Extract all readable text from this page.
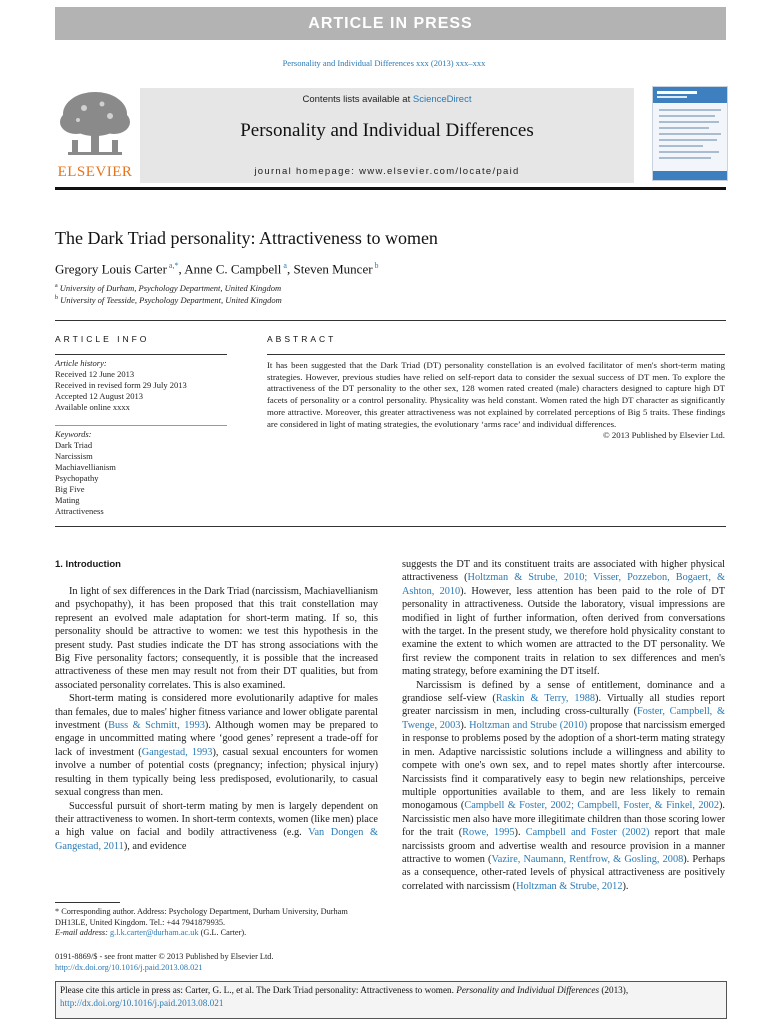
ARTICLE IN PRESS
Personality and Individual Differences xxx (2013) xxx–xxx
ELSEVIER
Contents lists available at ScienceDirect
Personality and Individual Differences
journal homepage: www.elsevier.com/locate/paid
The Dark Triad personality: Attractiveness to women
Gregory Louis Carter $^{a,*}$, Anne C. Campbell $^a$, Steven Muncer $^b$
$^a$ University of Durham, Psychology Department, United Kingdom
$^b$ University of Teesside, Psychology Department, United Kingdom
ARTICLE INFO	ABSTRACT
Article history:
Received 12 June 2013
Received in revised form 29 July 2013
Accepted 12 August 2013
Available online xxxx
Keywords:
Dark Triad
Narcissism
Machiavellianism
Psychopathy
Big Five
Mating
Attractiveness
It has been suggested that the Dark Triad (DT) personality constellation is an evolved facilitator of men's short-term mating strategies. However, previous studies have relied on self-report data to consider the sexual success of DT men. To explore the attractiveness of the DT personality to the other sex, 128 women rated created (male) characters designed to capture high DT facets of personality or a control personality. Physicality was held constant. Women rated the high DT character as significantly more attractive. Moreover, this greater attractiveness was not explained by correlated perceptions of Big 5 traits. These findings are considered in light of mating strategies, the evolutionary ‘arms race’ and individual differences.
© 2013 Published by Elsevier Ltd.
1. Introduction

In light of sex differences in the Dark Triad (narcissism, Machiavellianism and psychopathy), it has been proposed that this trait constellation may represent an evolved male adaptation for short-term mating. If so, this personality should be attractive to women: we test this hypothesis in the present study. Past studies indicate the DT has strong associations with the Big Five personality factors; consequently, it is possible that the increased attractiveness of these men may result not from their DT qualities, but from associated personality correlates. This is also examined.

Short-term mating is considered more evolutionarily adaptive for males than females, due to males' higher fitness variance and lower obligate parental investment (Buss & Schmitt, 1993). Although women may be prepared to engage in uncommitted mating where ‘good genes’ represent a trade-off for lack of investment (Gangestad, 1993), casual sexual encounters for women involve a number of potential costs (pregnancy; infection; physical injury) resulting in them typically being less predisposed, evolutionarily, to casual sexual congress than men.

Successful pursuit of short-term mating by men is largely dependent on their attractiveness to women. In short-term contexts, women (like men) place a high value on facial and bodily attractiveness (e.g. Van Dongen & Gangestad, 2011), and evidence

suggests the DT and its constituent traits are associated with higher physical attractiveness (Holtzman & Strube, 2010; Visser, Pozzebon, Bogaert, & Ashton, 2010). However, less attention has been paid to the role of DT personality in attractiveness. Outside the laboratory, visual impressions are modified in light of further information, often derived from conversations with the target. In the present study, we therefore hold physicality constant to examine the extent to which women are attracted to the DT personality. We first review the component traits in relation to sex differences and men's mating strategy, before examining the DT itself.

Narcissism is defined by a sense of entitlement, dominance and a grandiose self-view (Raskin & Terry, 1988). Virtually all studies report greater narcissism in men, including cross-culturally (Foster, Campbell, & Twenge, 2003). Holtzman and Strube (2010) propose that narcissism emerged in response to problems posed by the adoption of a short-term mating strategy in men. Adaptive narcissistic solutions include a willingness and ability to compete with one's own sex, and to repel mates shortly after intercourse. Narcissists find it comparatively easy to begin new relationships, perceive multiple opportunities available to them, and are less likely to remain monogamous (Campbell & Foster, 2002; Campbell, Foster, & Finkel, 2002). Narcissistic men also have more illegitimate children than those scoring lower for the trait (Rowe, 1995). Campbell and Foster (2002) report that male narcissists groom and advertise wealth and resource provision in a manner attractive to women (Vazire, Naumann, Rentfrow, & Gosling, 2008). Perhaps as a consequence, other-rated levels of physical attractiveness are positively correlated with narcissism (Holtzman & Strube, 2012).

* Corresponding author. Address: Psychology Department, Durham University, Durham DH13LE, United Kingdom. Tel.: +44 7941879935.
E-mail address: g.l.k.carter@durham.ac.uk (G.L. Carter).
0191-8869/$ - see front matter © 2013 Published by Elsevier Ltd.
http://dx.doi.org/10.1016/j.paid.2013.08.021
Please cite this article in press as: Carter, G. L., et al. The Dark Triad personality: Attractiveness to women. Personality and Individual Differences (2013),
http://dx.doi.org/10.1016/j.paid.2013.08.021
